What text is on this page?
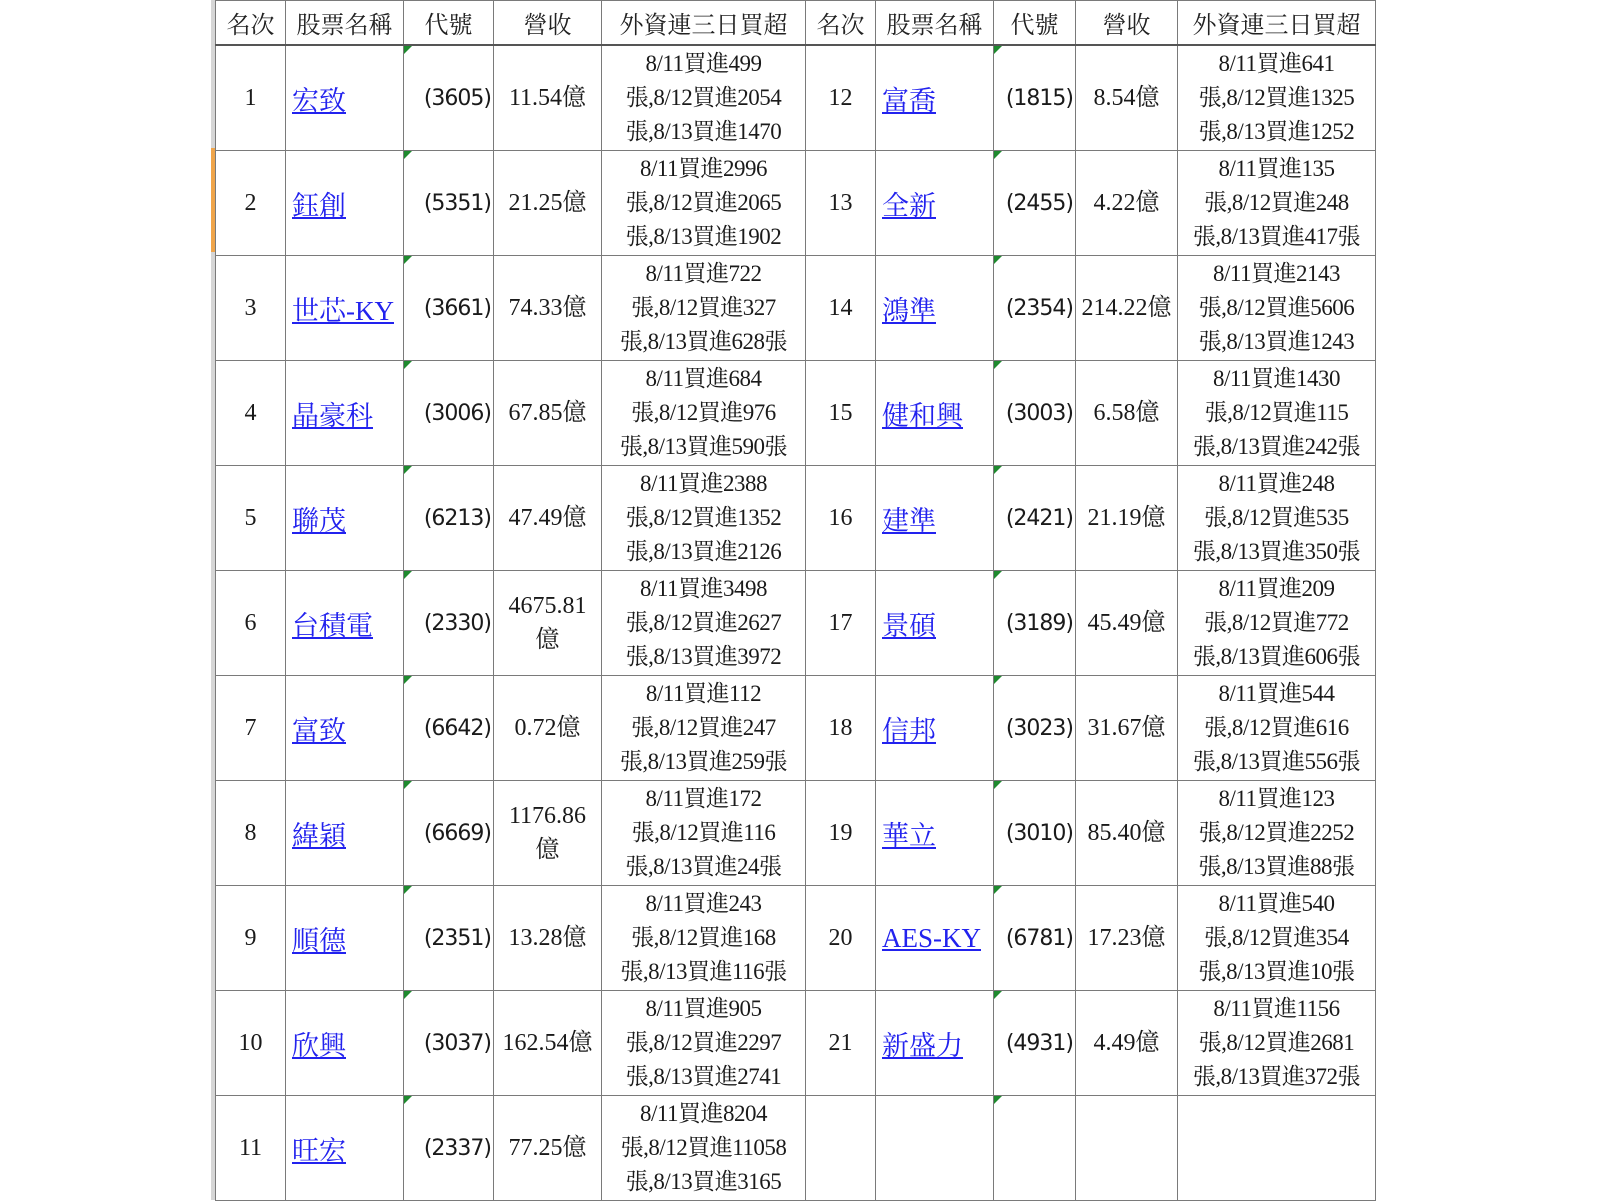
名次	股票名稱	代號	營收	外資連三日買超	名次	股票名稱	代號	營收	外資連三日買超
1	宏致	(3605)	11.54億	8/11買進499
張,8/12買進2054
張,8/13買進1470	12	富喬	(1815)	8.54億	8/11買進641
張,8/12買進1325
張,8/13買進1252
2	鈺創	(5351)	21.25億	8/11買進2996
張,8/12買進2065
張,8/13買進1902	13	全新	(2455)	4.22億	8/11買進135
張,8/12買進248
張,8/13買進417張
3	世芯-KY	(3661)	74.33億	8/11買進722
張,8/12買進327
張,8/13買進628張	14	鴻準	(2354)	214.22億	8/11買進2143
張,8/12買進5606
張,8/13買進1243
4	晶豪科	(3006)	67.85億	8/11買進684
張,8/12買進976
張,8/13買進590張	15	健和興	(3003)	6.58億	8/11買進1430
張,8/12買進115
張,8/13買進242張
5	聯茂	(6213)	47.49億	8/11買進2388
張,8/12買進1352
張,8/13買進2126	16	建準	(2421)	21.19億	8/11買進248
張,8/12買進535
張,8/13買進350張
6	台積電	(2330)	4675.81
億	8/11買進3498
張,8/12買進2627
張,8/13買進3972	17	景碩	(3189)	45.49億	8/11買進209
張,8/12買進772
張,8/13買進606張
7	富致	(6642)	0.72億	8/11買進112
張,8/12買進247
張,8/13買進259張	18	信邦	(3023)	31.67億	8/11買進544
張,8/12買進616
張,8/13買進556張
8	緯穎	(6669)	1176.86
億	8/11買進172
張,8/12買進116
張,8/13買進24張	19	華立	(3010)	85.40億	8/11買進123
張,8/12買進2252
張,8/13買進88張
9	順德	(2351)	13.28億	8/11買進243
張,8/12買進168
張,8/13買進116張	20	AES-KY	(6781)	17.23億	8/11買進540
張,8/12買進354
張,8/13買進10張
10	欣興	(3037)	162.54億	8/11買進905
張,8/12買進2297
張,8/13買進2741	21	新盛力	(4931)	4.49億	8/11買進1156
張,8/12買進2681
張,8/13買進372張
11	旺宏	(2337)	77.25億	8/11買進8204
張,8/12買進11058
張,8/13買進3165					
